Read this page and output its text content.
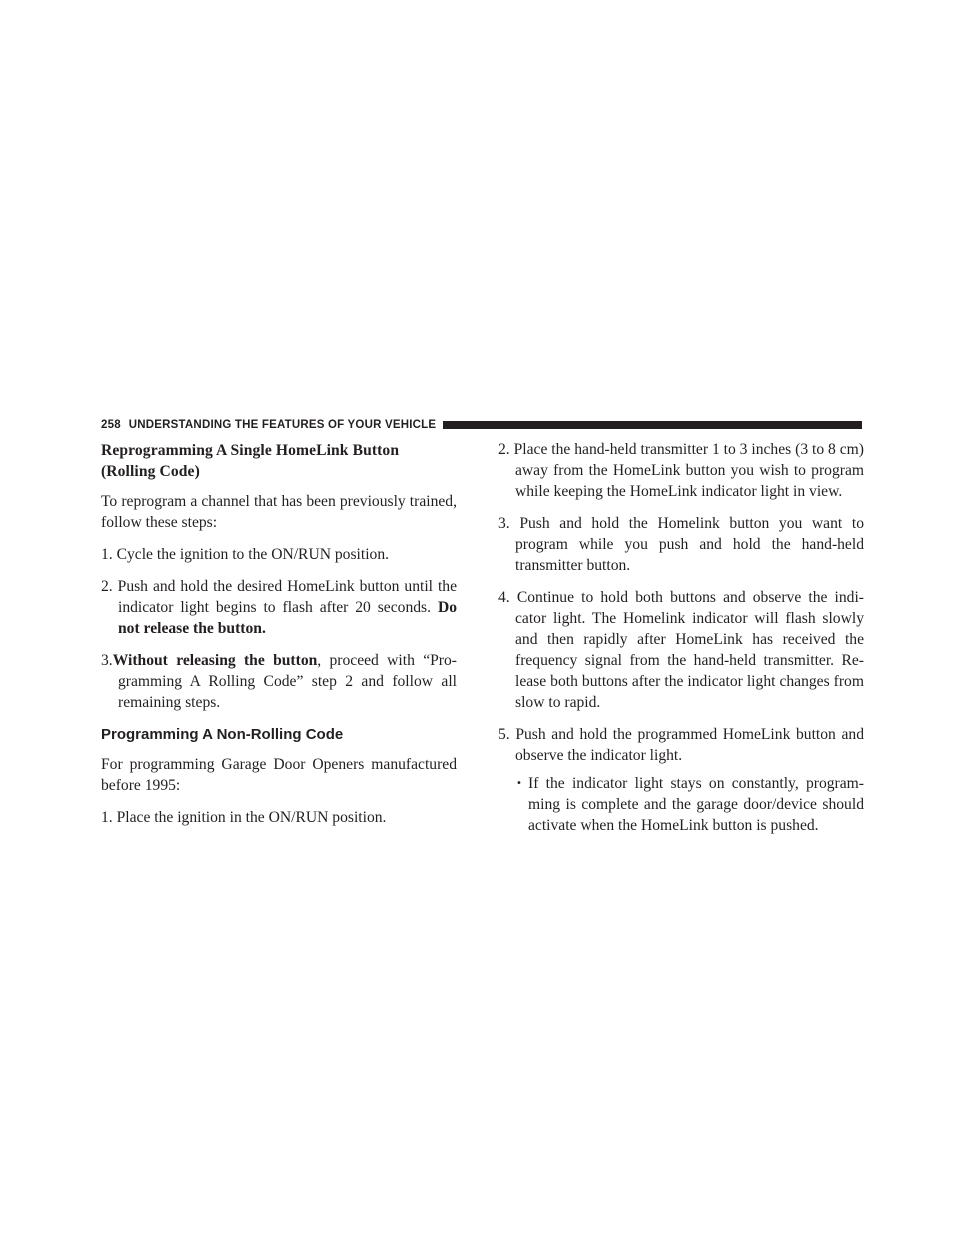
258 UNDERSTANDING THE FEATURES OF YOUR VEHICLE
Reprogramming A Single HomeLink Button
(Rolling Code)

To reprogram a channel that has been previously trained, follow these steps:

1. Cycle the ignition to the ON/RUN position.
2. Push and hold the desired HomeLink button until the indicator light begins to flash after 20 seconds. Do not release the button.
3.Without releasing the button, proceed with “Pro-gramming A Rolling Code” step 2 and follow all remaining steps.
Programming A Non-Rolling Code

For programming Garage Door Openers manufactured before 1995:

1. Place the ignition in the ON/RUN position.
2. Place the hand-held transmitter 1 to 3 inches (3 to 8 cm) away from the HomeLink button you wish to program while keeping the HomeLink indicator light in view.
3. Push and hold the Homelink button you want to program while you push and hold the hand-held transmitter button.
4. Continue to hold both buttons and observe the indi-cator light. The Homelink indicator will flash slowly and then rapidly after HomeLink has received the frequency signal from the hand-held transmitter. Re-lease both buttons after the indicator light changes from slow to rapid.
5. Push and hold the programmed HomeLink button and observe the indicator light.
• If the indicator light stays on constantly, program-ming is complete and the garage door/device should activate when the HomeLink button is pushed.
